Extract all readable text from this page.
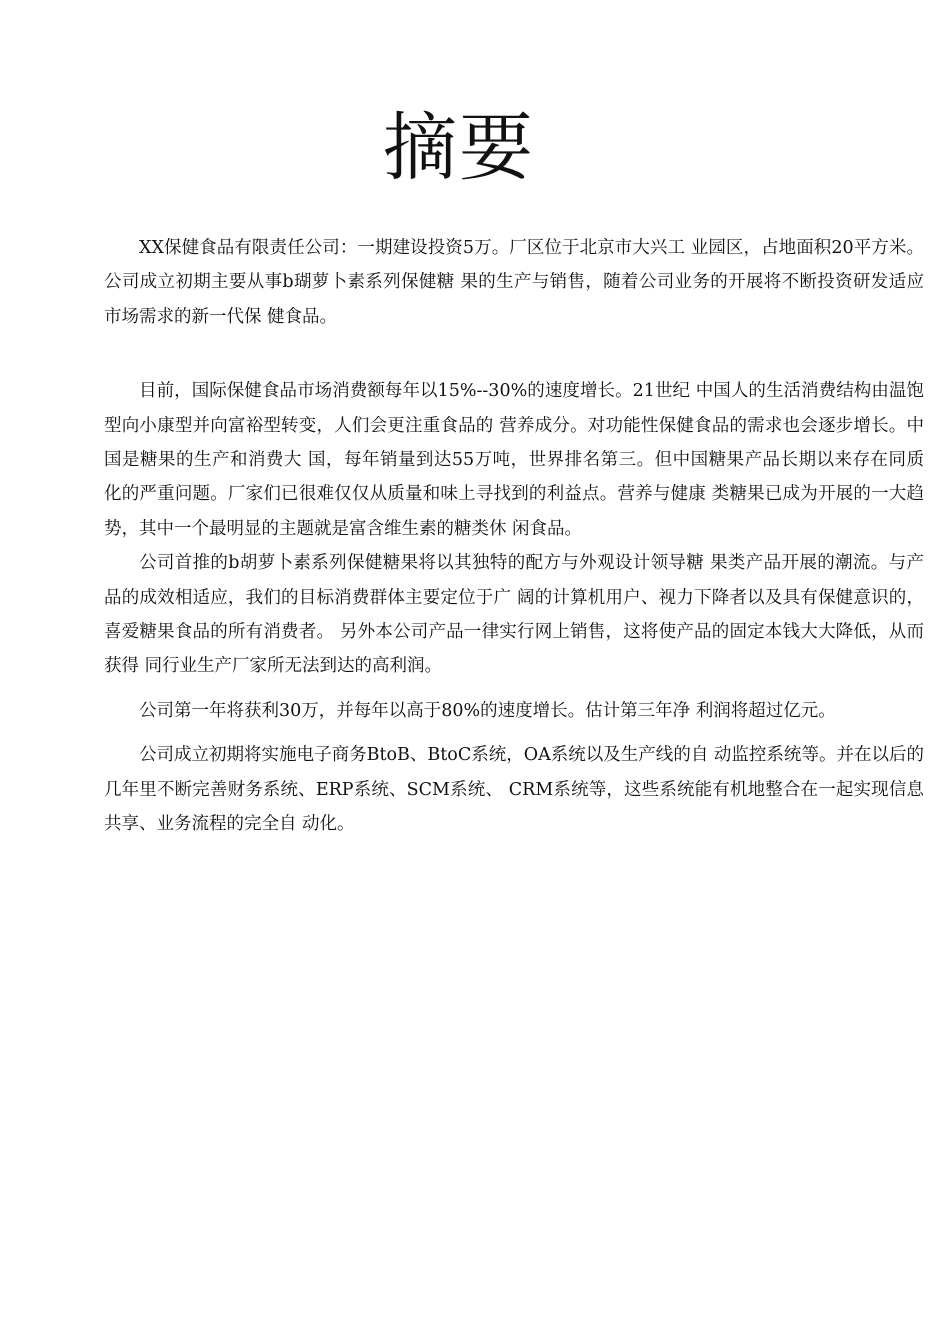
摘要

XX保健食品有限责任公司：一期建设投资5万。厂区位于北京市大兴工 业园区，占地面积20平方米。公司成立初期主要从事b瑚萝卜素系列保健糖 果的生产与销售，随着公司业务的开展将不断投资研发适应市场需求的新一代保 健食品。

目前，国际保健食品市场消费额每年以15%--30%的速度增长。21世纪 中国人的生活消费结构由温饱型向小康型并向富裕型转变，人们会更注重食品的 营养成分。对功能性保健食品的需求也会逐步增长。中国是糖果的生产和消费大 国，每年销量到达55万吨，世界排名第三。但中国糖果产品长期以来存在同质 化的严重问题。厂家们已很难仅仅从质量和味上寻找到的利益点。营养与健康 类糖果已成为开展的一大趋势，其中一个最明显的主题就是富含维生素的糖类休 闲食品。

公司首推的b胡萝卜素系列保健糖果将以其独特的配方与外观设计领导糖 果类产品开展的潮流。与产品的成效相适应，我们的目标消费群体主要定位于广 阔的计算机用户、视力下降者以及具有保健意识的，喜爱糖果食品的所有消费者。 另外本公司产品一律实行网上销售，这将使产品的固定本钱大大降低，从而获得 同行业生产厂家所无法到达的高利润。

公司第一年将获利30万，并每年以高于80%的速度增长。估计第三年净 利润将超过亿元。

公司成立初期将实施电子商务BtoB、BtoC系统，OA系统以及生产线的自 动监控系统等。并在以后的几年里不断完善财务系统、ERP系统、SCM系统、 CRM系统等，这些系统能有机地整合在一起实现信息共享、业务流程的完全自 动化。
